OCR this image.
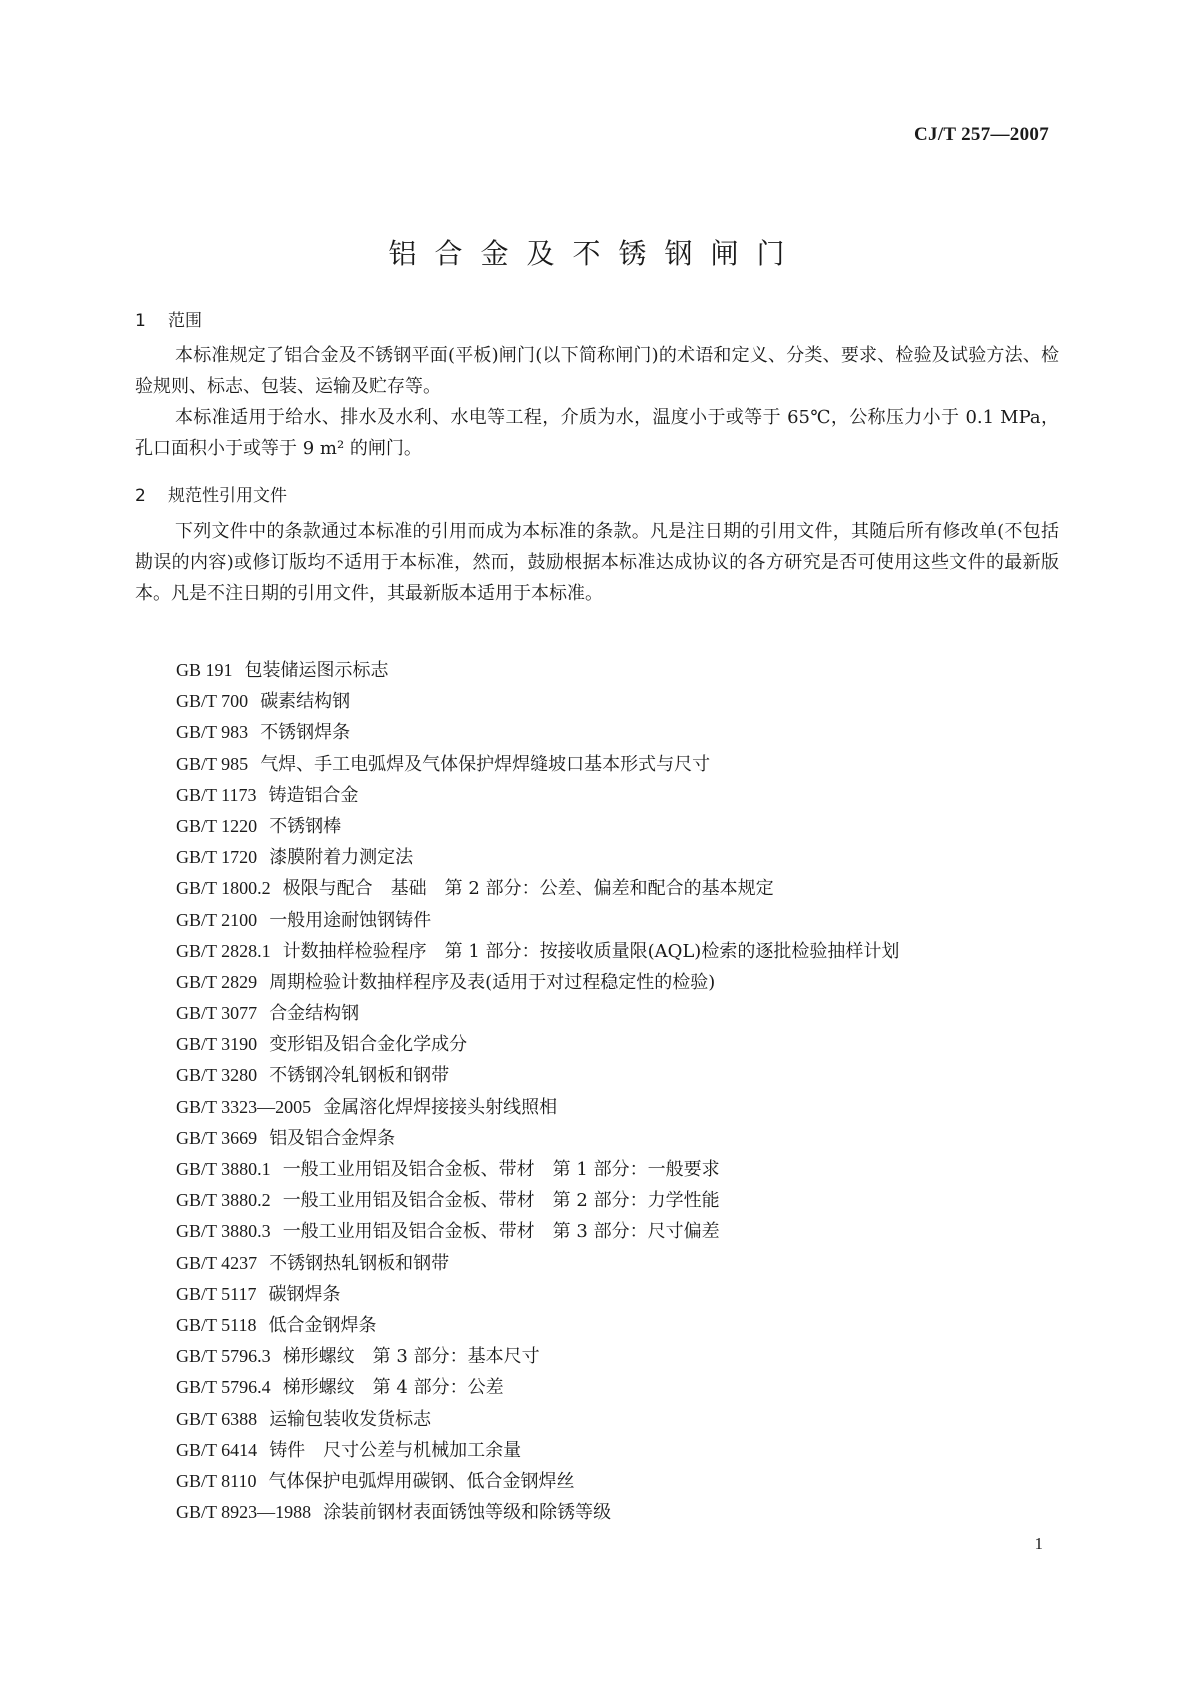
CJ/T 257—2007
铝合金及不锈钢闸门
1 范围

本标准规定了铝合金及不锈钢平面(平板)闸门(以下简称闸门)的术语和定义、分类、要求、检验及试验方法、检验规则、标志、包装、运输及贮存等。

本标准适用于给水、排水及水利、水电等工程，介质为水，温度小于或等于 65℃，公称压力小于 0.1 MPa，孔口面积小于或等于 9 m² 的闸门。

2 规范性引用文件

下列文件中的条款通过本标准的引用而成为本标准的条款。凡是注日期的引用文件，其随后所有修改单(不包括勘误的内容)或修订版均不适用于本标准，然而，鼓励根据本标准达成协议的各方研究是否可使用这些文件的最新版本。凡是不注日期的引用文件，其最新版本适用于本标准。

GB 191 包装储运图示标志
GB/T 700 碳素结构钢
GB/T 983 不锈钢焊条
GB/T 985 气焊、手工电弧焊及气体保护焊焊缝坡口基本形式与尺寸
GB/T 1173 铸造铝合金
GB/T 1220 不锈钢棒
GB/T 1720 漆膜附着力测定法
GB/T 1800.2 极限与配合　基础　第 2 部分：公差、偏差和配合的基本规定
GB/T 2100 一般用途耐蚀钢铸件
GB/T 2828.1 计数抽样检验程序　第 1 部分：按接收质量限(AQL)检索的逐批检验抽样计划
GB/T 2829 周期检验计数抽样程序及表(适用于对过程稳定性的检验)
GB/T 3077 合金结构钢
GB/T 3190 变形铝及铝合金化学成分
GB/T 3280 不锈钢冷轧钢板和钢带
GB/T 3323—2005 金属溶化焊焊接接头射线照相
GB/T 3669 铝及铝合金焊条
GB/T 3880.1 一般工业用铝及铝合金板、带材　第 1 部分：一般要求
GB/T 3880.2 一般工业用铝及铝合金板、带材　第 2 部分：力学性能
GB/T 3880.3 一般工业用铝及铝合金板、带材　第 3 部分：尺寸偏差
GB/T 4237 不锈钢热轧钢板和钢带
GB/T 5117 碳钢焊条
GB/T 5118 低合金钢焊条
GB/T 5796.3 梯形螺纹　第 3 部分：基本尺寸
GB/T 5796.4 梯形螺纹　第 4 部分：公差
GB/T 6388 运输包装收发货标志
GB/T 6414 铸件　尺寸公差与机械加工余量
GB/T 8110 气体保护电弧焊用碳钢、低合金钢焊丝
GB/T 8923—1988 涂装前钢材表面锈蚀等级和除锈等级
1
